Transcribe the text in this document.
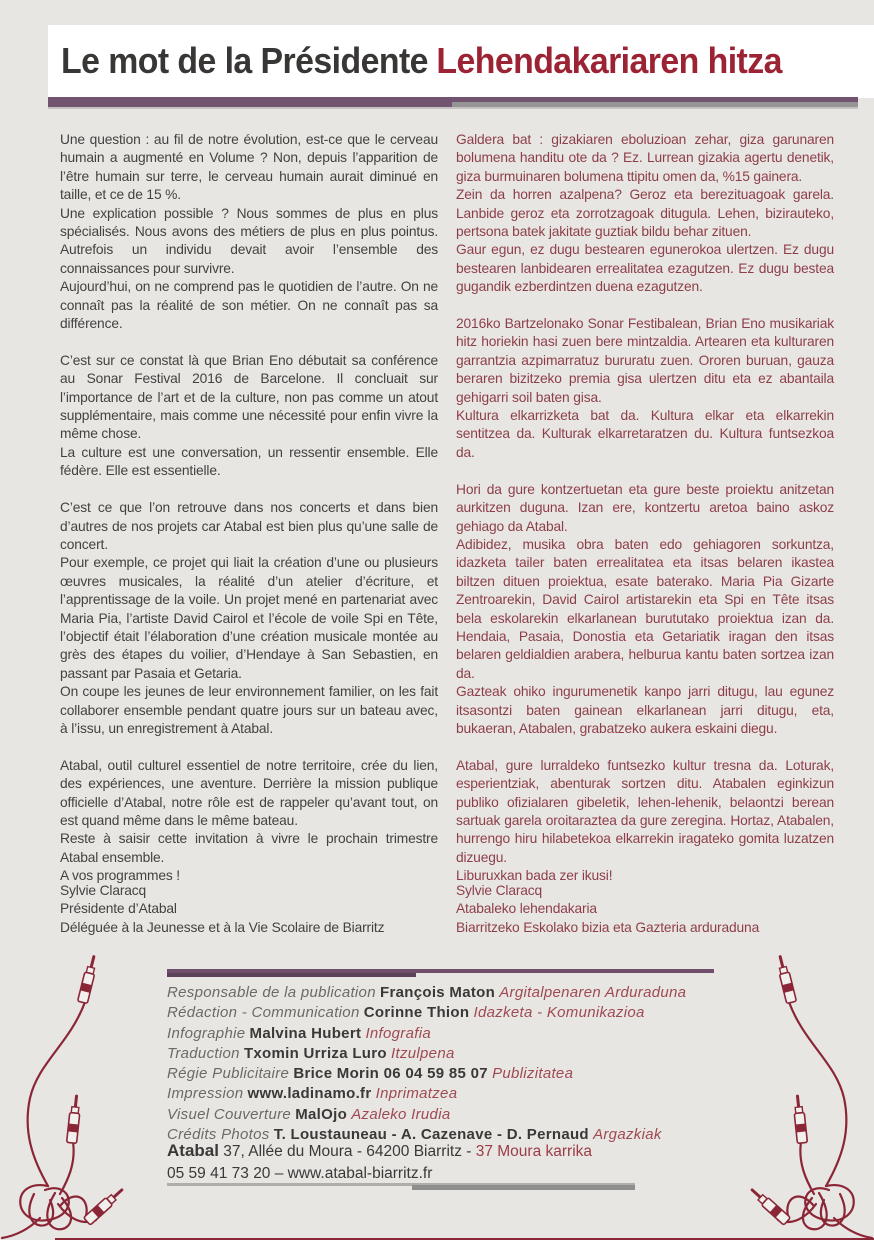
Le mot de la Présidente Lehendakariaren hitza

Une question : au fil de notre évolution, est-ce que le cerveau humain a augmenté en Volume ? Non, depuis l’apparition de l’être humain sur terre, le cerveau humain aurait diminué en taille, et ce de 15 %.

Une explication possible ? Nous sommes de plus en plus spécialisés. Nous avons des métiers de plus en plus pointus. Autrefois un individu devait avoir l’ensemble des connaissances pour survivre.

Aujourd’hui, on ne comprend pas le quotidien de l’autre. On ne connaît pas la réalité de son métier. On ne connaît pas sa différence.

C’est sur ce constat là que Brian Eno débutait sa conférence au Sonar Festival 2016 de Barcelone. Il concluait sur l’importance de l’art et de la culture, non pas comme un atout supplémentaire, mais comme une nécessité pour enfin vivre la même chose.

La culture est une conversation, un ressentir ensemble. Elle fédère. Elle est essentielle.

C’est ce que l’on retrouve dans nos concerts et dans bien d’autres de nos projets car Atabal est bien plus qu’une salle de concert.

Pour exemple, ce projet qui liait la création d’une ou plusieurs œuvres musicales, la réalité d’un atelier d’écriture, et l’apprentissage de la voile. Un projet mené en partenariat avec Maria Pia, l’artiste David Cairol et l’école de voile Spi en Tête, l’objectif était l’élaboration d’une création musicale montée au grès des étapes du voilier, d’Hendaye à San Sebastien, en passant par Pasaia et Getaria.

On coupe les jeunes de leur environnement familier, on les fait collaborer ensemble pendant quatre jours sur un bateau avec, à l’issu, un enregistrement à Atabal.

Atabal, outil culturel essentiel de notre territoire, crée du lien, des expériences, une aventure. Derrière la mission publique officielle d’Atabal, notre rôle est de rappeler qu’avant tout, on est quand même dans le même bateau.

Reste à saisir cette invitation à vivre le prochain trimestre Atabal ensemble.

A vos programmes !

Sylvie Claracq

Présidente d’Atabal

Déléguée à la Jeunesse et à la Vie Scolaire de Biarritz

Galdera bat : gizakiaren eboluzioan zehar, giza garunaren bolumena handitu ote da ? Ez. Lurrean gizakia agertu denetik, giza burmuinaren bolumena ttipitu omen da, %15 gainera.

Zein da horren azalpena? Geroz eta berezituagoak garela. Lanbide geroz eta zorrotzagoak ditugula. Lehen, bizirauteko, pertsona batek jakitate guztiak bildu behar zituen.

Gaur egun, ez dugu bestearen egunerokoa ulertzen. Ez dugu bestearen lanbidearen errealitatea ezagutzen. Ez dugu bestea gugandik ezberdintzen duena ezagutzen.

2016ko Bartzelonako Sonar Festibalean, Brian Eno musikariak hitz horiekin hasi zuen bere mintzaldia. Artearen eta kulturaren garrantzia azpimarratuz bururatu zuen. Ororen buruan, gauza beraren bizitzeko premia gisa ulertzen ditu eta ez abantaila gehigarri soil baten gisa.

Kultura elkarrizketa bat da. Kultura elkar eta elkarrekin sentitzea da. Kulturak elkarretaratzen du. Kultura funtsezkoa da.

Hori da gure kontzertuetan eta gure beste proiektu anitzetan aurkitzen duguna. Izan ere, kontzertu aretoa baino askoz gehiago da Atabal.

Adibidez, musika obra baten edo gehiagoren sorkuntza, idazketa tailer baten errealitatea eta itsas belaren ikastea biltzen dituen proiektua, esate baterako. Maria Pia Gizarte Zentroarekin, David Cairol artistarekin eta Spi en Tête itsas bela eskolarekin elkarlanean burututako proiektua izan da. Hendaia, Pasaia, Donostia eta Getariatik iragan den itsas belaren geldialdien arabera, helburua kantu baten sortzea izan da.

Gazteak ohiko ingurumenetik kanpo jarri ditugu, lau egunez itsasontzi baten gainean elkarlanean jarri ditugu, eta, bukaeran, Atabalen, grabatzeko aukera eskaini diegu.

Atabal, gure lurraldeko funtsezko kultur tresna da. Loturak, esperientziak, abenturak sortzen ditu. Atabalen eginkizun publiko ofizialaren gibeletik, lehen-lehenik, belaontzi berean sartuak garela oroitaraztea da gure zeregina. Hortaz, Atabalen, hurrengo hiru hilabetekoa elkarrekin iragateko gomita luzatzen dizuegu.

Liburuxkan bada zer ikusi!

Sylvie Claracq

Atabaleko lehendakaria

Biarritzeko Eskolako bizia eta Gazteria arduraduna

Responsable de la publication François Maton Argitalpenaren Arduraduna
Rédaction - Communication Corinne Thion Idazketa - Komunikazioa
Infographie Malvina Hubert Infografia
Traduction Txomin Urriza Luro Itzulpena
Régie Publicitaire Brice Morin 06 04 59 85 07 Publizitatea
Impression www.ladinamo.fr Inprimatzea
Visuel Couverture MalOjo Azaleko Irudia
Crédits Photos T. Loustauneau - A. Cazenave - D. Pernaud Argazkiak
Atabal 37, Allée du Moura - 64200 Biarritz - 37 Moura karrika
05 59 41 73 20 – www.atabal-biarritz.fr
